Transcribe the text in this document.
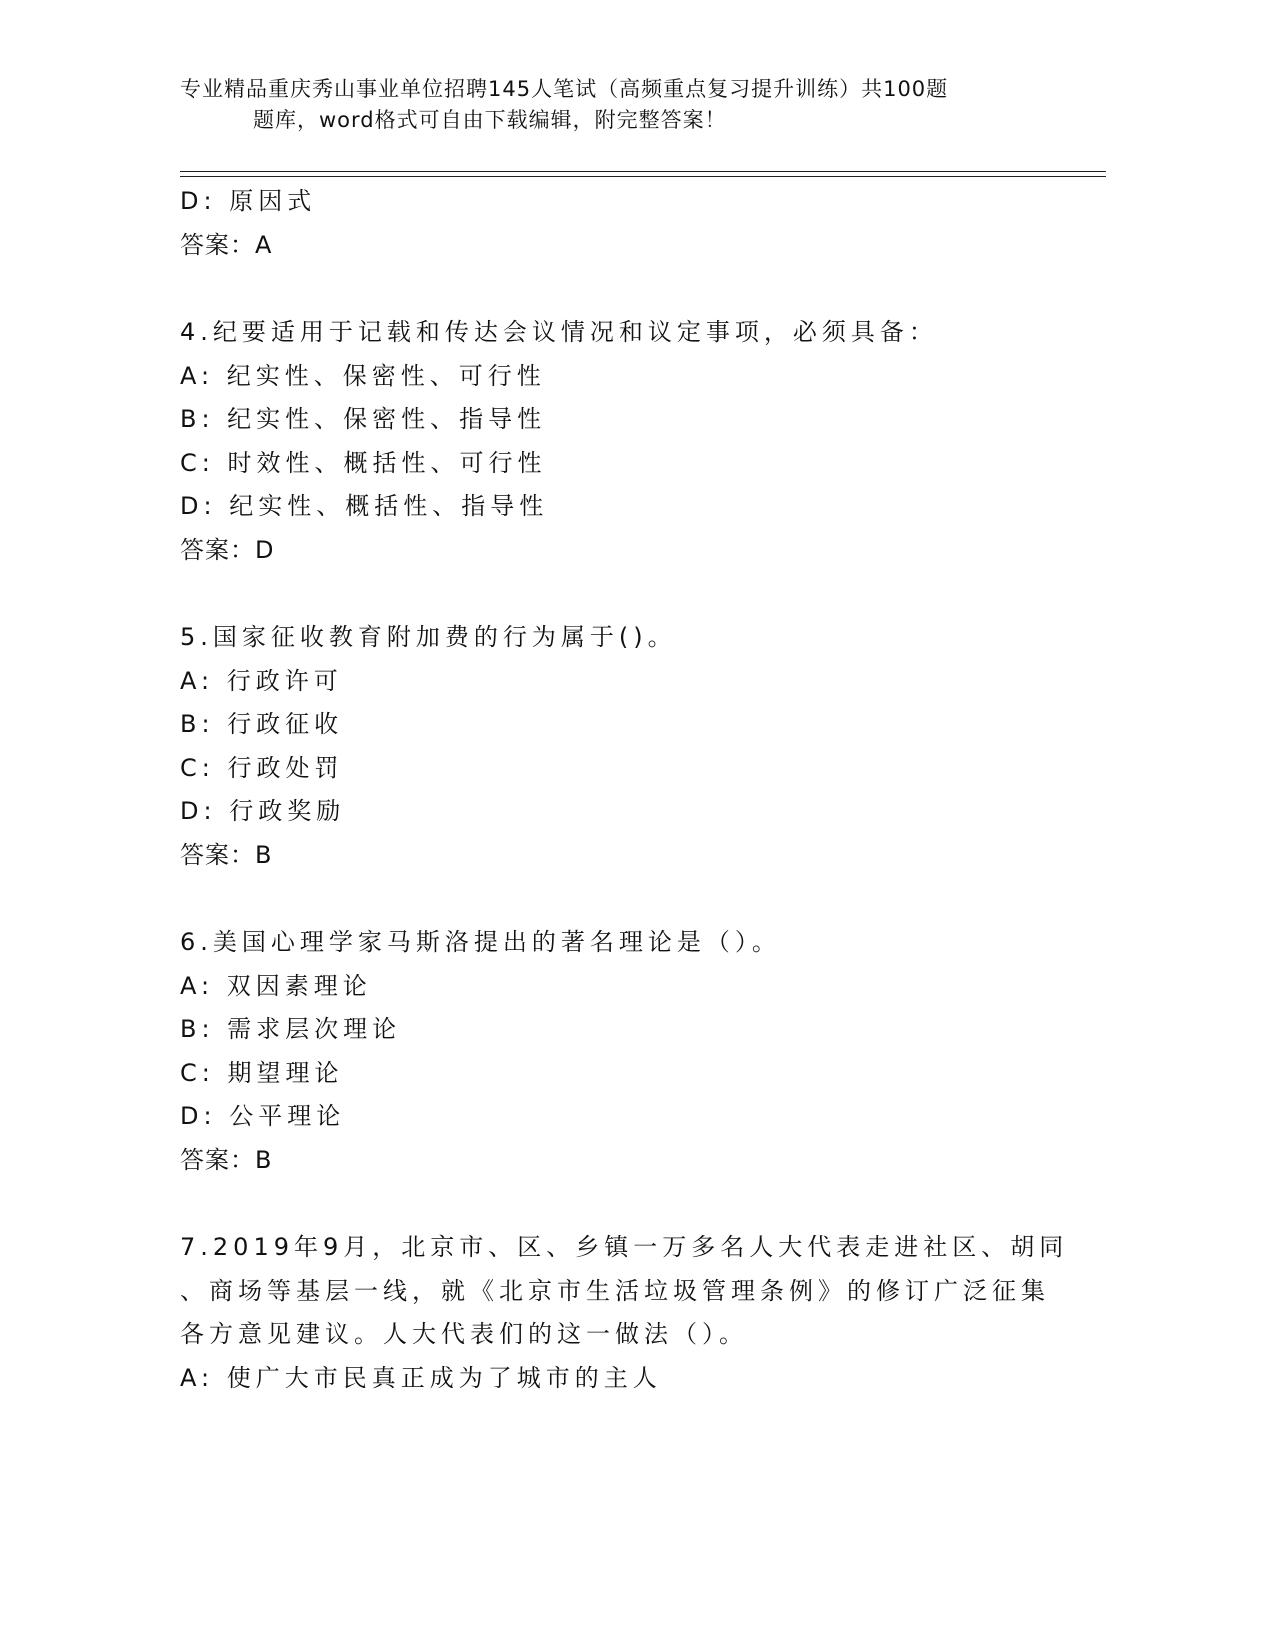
专业精品重庆秀山事业单位招聘145人笔试（高频重点复习提升训练）共100题
题库，word格式可自由下载编辑，附完整答案！
D: 原因式
答案：A
4.纪要适用于记载和传达会议情况和议定事项，必须具备：
A: 纪实性、保密性、可行性
B: 纪实性、保密性、指导性
C: 时效性、概括性、可行性
D: 纪实性、概括性、指导性
答案：D
5.国家征收教育附加费的行为属于()。
A: 行政许可
B: 行政征收
C: 行政处罚
D: 行政奖励
答案：B
6.美国心理学家马斯洛提出的著名理论是（）。
A: 双因素理论
B: 需求层次理论
C: 期望理论
D: 公平理论
答案：B
7.2019年9月，北京市、区、乡镇一万多名人大代表走进社区、胡同
、商场等基层一线，就《北京市生活垃圾管理条例》的修订广泛征集
各方意见建议。人大代表们的这一做法（）。
A: 使广大市民真正成为了城市的主人
